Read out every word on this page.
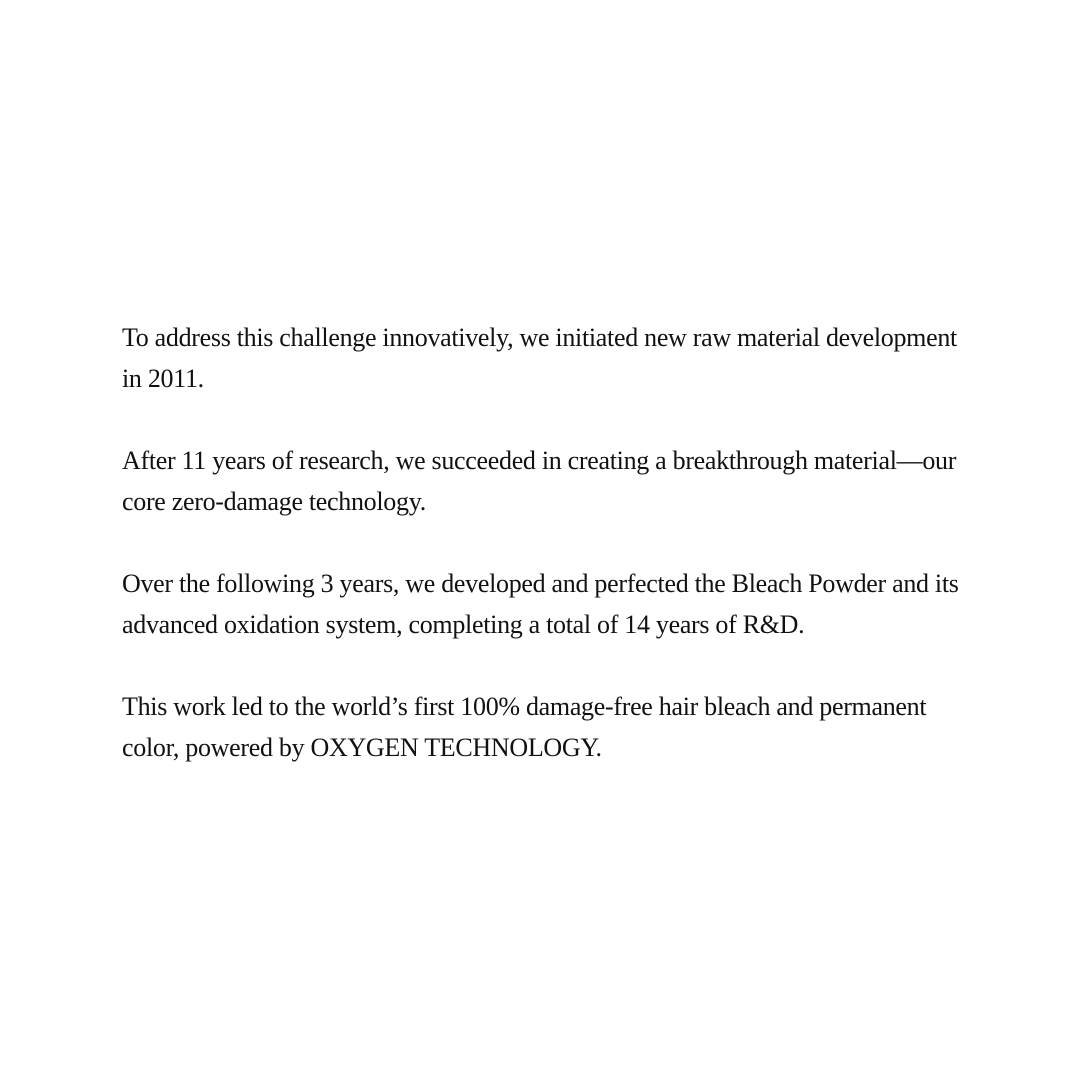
To address this challenge innovatively, we initiated new raw material development in 2011.

After 11 years of research, we succeeded in creating a breakthrough material—our core zero-damage technology.

Over the following 3 years, we developed and perfected the Bleach Powder and its advanced oxidation system, completing a total of 14 years of R&D.

This work led to the world’s first 100% damage-free hair bleach and permanent color, powered by OXYGEN TECHNOLOGY.
